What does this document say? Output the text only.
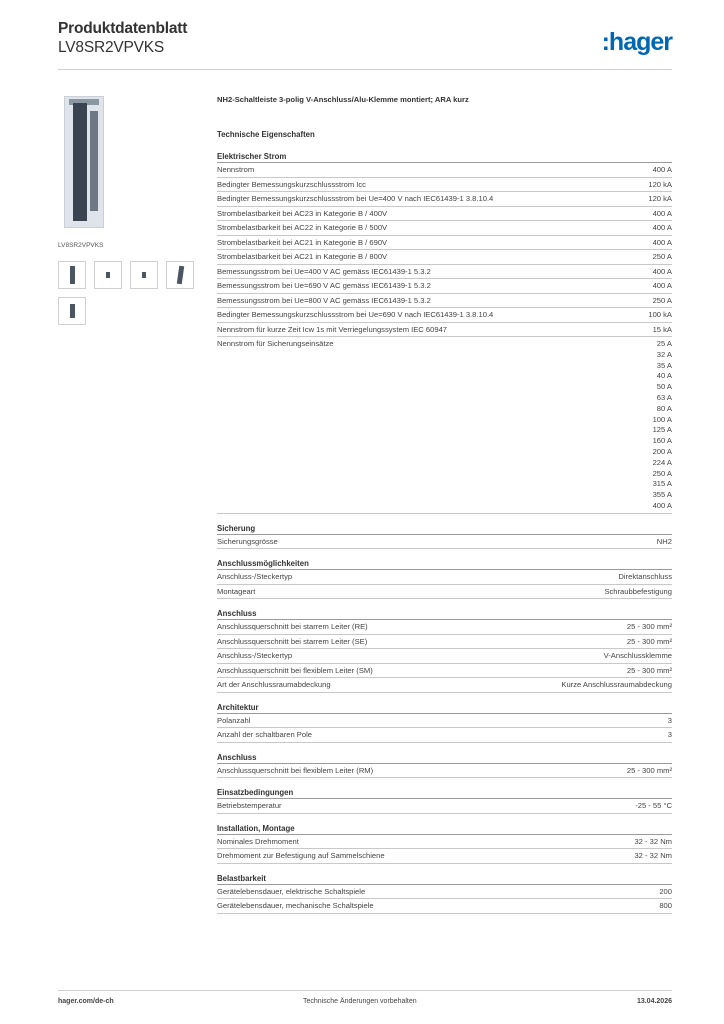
Produktdatenblatt
LV8SR2VPVKS	:hager
LV8SR2VPVKS
NH2-Schaltleiste 3-polig V-Anschluss/Alu-Klemme montiert; ARA kurz
Technische Eigenschaften
Elektrischer Strom
Nennstrom	400 A
Bedingter Bemessungskurzschlussstrom Icc	120 kA
Bedingter Bemessungskurzschlussstrom bei Ue=400 V nach IEC61439-1 3.8.10.4	120 kA
Strombelastbarkeit bei AC23 in Kategorie B / 400V	400 A
Strombelastbarkeit bei AC22 in Kategorie B / 500V	400 A
Strombelastbarkeit bei AC21 in Kategorie B / 690V	400 A
Strombelastbarkeit bei AC21 in Kategorie B / 800V	250 A
Bemessungsstrom bei Ue=400 V AC gemäss IEC61439-1 5.3.2	400 A
Bemessungsstrom bei Ue=690 V AC gemäss IEC61439-1 5.3.2	400 A
Bemessungsstrom bei Ue=800 V AC gemäss IEC61439-1 5.3.2	250 A
Bedingter Bemessungskurzschlussstrom bei Ue=690 V nach IEC61439-1 3.8.10.4	100 kA
Nennstrom für kurze Zeit Icw 1s mit Verriegelungssystem IEC 60947	15 kA
Nennstrom für Sicherungseinsätze	25 A
32 A
35 A
40 A
50 A
63 A
80 A
100 A
125 A
160 A
200 A
224 A
250 A
315 A
355 A
400 A
Sicherung
Sicherungsgrösse	NH2
Anschlussmöglichkeiten
Anschluss-/Steckertyp	Direktanschluss
Montageart	Schraubbefestigung
Anschluss
Anschlussquerschnitt bei starrem Leiter (RE)	25 - 300 mm²
Anschlussquerschnitt bei starrem Leiter (SE)	25 - 300 mm²
Anschluss-/Steckertyp	V-Anschlussklemme
Anschlussquerschnitt bei flexiblem Leiter (SM)	25 - 300 mm²
Art der Anschlussraumabdeckung	Kurze Anschlussraumabdeckung
Architektur
Polanzahl	3
Anzahl der schaltbaren Pole	3
Anschluss
Anschlussquerschnitt bei flexiblem Leiter (RM)	25 - 300 mm²
Einsatzbedingungen
Betriebstemperatur	-25 - 55 °C
Installation, Montage
Nominales Drehmoment	32 - 32 Nm
Drehmoment zur Befestigung auf Sammelschiene	32 - 32 Nm
Belastbarkeit
Gerätelebensdauer, elektrische Schaltspiele	200
Gerätelebensdauer, mechanische Schaltspiele	800
hager.com/de-ch	Technische Änderungen vorbehalten	13.04.2026
